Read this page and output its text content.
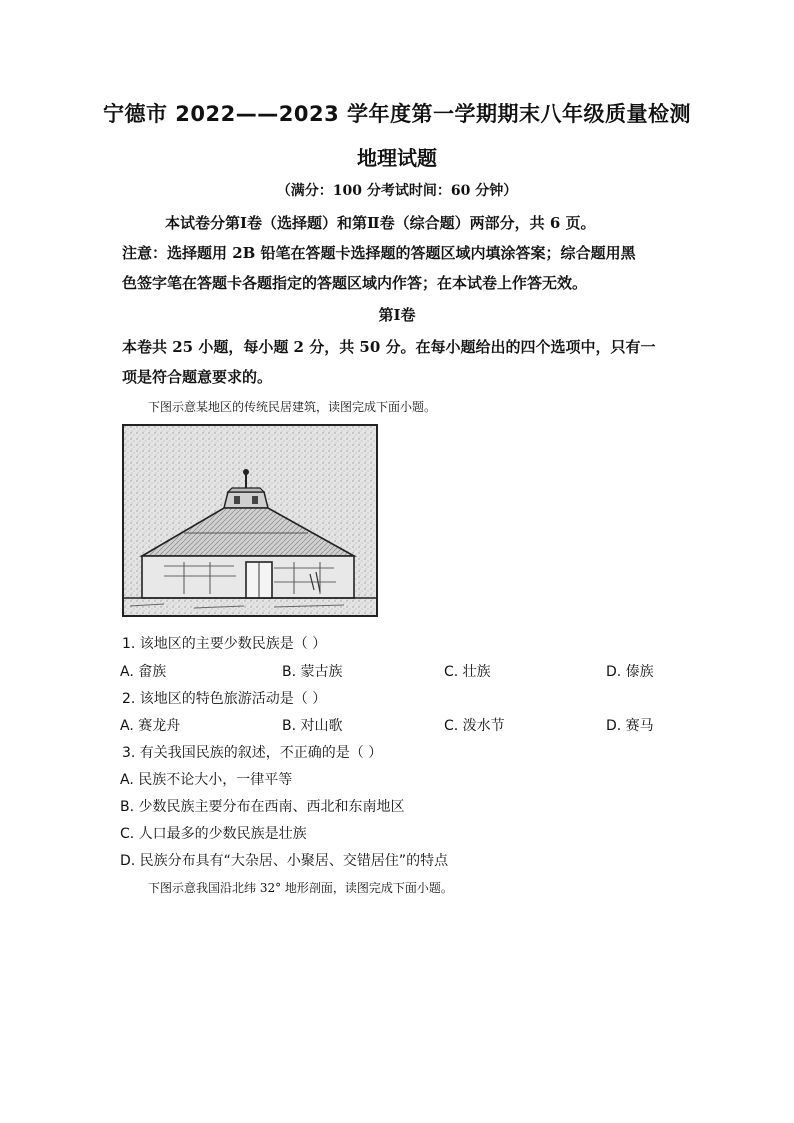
宁德市 2022——2023 学年度第一学期期末八年级质量检测
地理试题
（满分：100 分考试时间：60 分钟）
本试卷分第Ⅰ卷（选择题）和第Ⅱ卷（综合题）两部分，共 6 页。
注意：选择题用 2B 铅笔在答题卡选择题的答题区域内填涂答案；综合题用黑
色签字笔在答题卡各题指定的答题区域内作答；在本试卷上作答无效。
第Ⅰ卷
本卷共 25 小题，每小题 2 分，共 50 分。在每小题给出的四个选项中，只有一
项是符合题意要求的。
下图示意某地区的传统民居建筑，读图完成下面小题。
1. 该地区的主要少数民族是（ ）
A. 畲族	B. 蒙古族	C. 壮族	D. 傣族
2. 该地区的特色旅游活动是（ ）
A. 赛龙舟	B. 对山歌	C. 泼水节	D. 赛马
3. 有关我国民族的叙述，不正确的是（ ）
A. 民族不论大小，一律平等
B. 少数民族主要分布在西南、西北和东南地区
C. 人口最多的少数民族是壮族
D. 民族分布具有“大杂居、小聚居、交错居住”的特点
下图示意我国沿北纬 32° 地形剖面，读图完成下面小题。
